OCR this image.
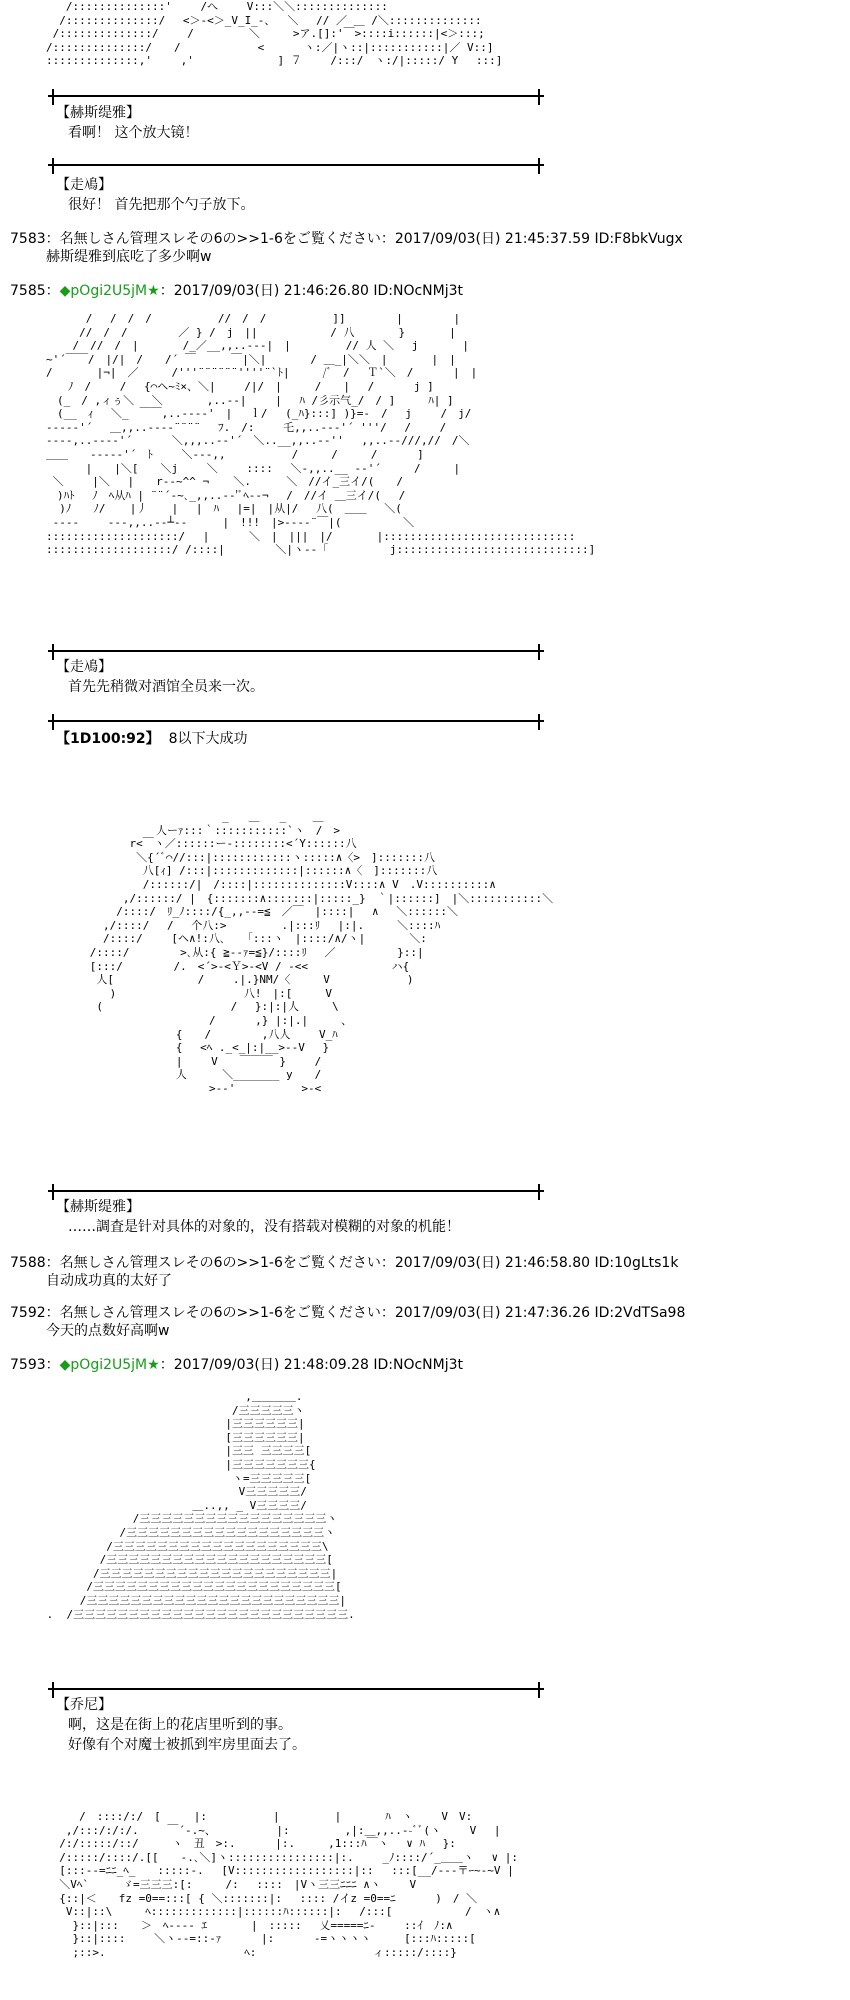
/::::::::::::::' 　　/へ　　 V:::＼＼::::::::::::::
/::::::::::::::/　 <＞-<＞_V_I_-、　 ＼　 // ／ ＿ /＼::::::::::::::
/::::::::::::::/　　 /　　　　　＼　　　>ア.[]:'￣>::::i::::::|<＞:::;
/::::::::::::::/　　/　　　　　　　<　　　 ヽ:／|ヽ::|:::::::::::|／ V::]
::::::::::::::,'　　 ,'　　　　　　　 ] ７ 　　/:::/　ヽ:/|:::::/ Y 　:::]
【赫斯缇雅】
看啊！ 这个放大镜！
【走鳰】
很好！ 首先把那个勺子放下。
7583：名無しさん管理スレその6の>>1-6をご覧ください：2017/09/03(日) 21:45:37.59 ID:F8bkVugx
赫斯缇雅到底吃了多少啊w
7585：◆pOgi2U5jM★：2017/09/03(日) 21:46:26.80 ID:NOcNMj3t
/　 /　/　/　　　　　　//　/　/　　　　　　]]　　　　 |　　　　 |
//　/　/　　　　 ／ } /　j　||　　　　　　 / 八　　　　}　　　　|
/　//　/　|　　　　/_／__,,..--‐|　|　　　　　// 人 ＼　 j　　　　|
~'´￣￣/　|/|　/　　/´ ￣　 　 ￣|＼|　　　　/ ＿_|＼＼　|　　　　|　|
/　　　　|¬|　／　　　/'''¨¨¨¨¨¨''''¨`ﾄ|　　　/ﾞ　/　 Ｔ`＼　/ 　　　|　|
　　ﾉ　/　　 /　 {⌒ヘ~ﾐ×、＼|　　 /|/　|　　　/　　|　 /　　　 j ]
　(_　/ ,ィぅ＼　 ＼　　　　,..--|　　 |　 ﾊ /彡示气_/　/ ]　　　ﾊ| ]
　(__　ｨ　 ＼_　￣￣,..--‐‐'　|　 ｌ/　 (_ﾊ}:::] )}=-　/　 j 　　/　j/
-‐‐‐‐'´　 ＿,,..--‐‐¨¨¨¨　 ﾌ.　/:　　 乇,,..--‐'´ '''/　 /　　 /
‐‐‐‐,..--‐‐'´　　　 ＼,,,..‐‐'´　＼..__,,..--''　 ,,..--///,//　/＼
＿＿　　‐‐‐‐‐'´　ﾄ　　 ＼‐‐-,,　　　　　　/　　　/　　　/　　　 ]
　　　 |　　|＼[　　＼j　　 ＼　　 ::::　 ＼-,,..__ -‐'´　　　/　　　|
＼　　 |＼　 |　　r‐‐~^^ ¬ 　 ＼.　 　 ＼　//イ_三イ/(　　/
　)ﾊﾄ　 ﾉ　ﾍ从ﾊ | ¨¨´‐~､_,,..--'ﾞﾍ--¬　 /　//イ ＿三イ/(　 /
)ﾉ　　ﾉ/ 　 |丿 　 |　 |　ﾊ 　|=|　|从|/　 八(　＿＿　 ＼(
‐‐‐‐　　 ‐‐‐,,..--┴--　 　 |　!!!　|>‐‐‐‐¨￣|(　　　　　 ＼
::::::::::::::::::::/　 |　　　 ＼　|　|||　|/　　　　|:::::::::::::::::::::::::::::
:::::::::::::::::::/ /::::|　　　　 ＼|ヽ--「　　　　　 j:::::::::::::::::::::::::::::]
【走鳰】
首先先稍微对酒馆全员来一次。
【1D100:92】 8以下大成功
_   ＿   _    ＿
人ーｧ:::｀:::::::::::`ヽ　/　>
r<￣ヽ／::::::ー-::::::::<´Y::::::八
＼{´ﾞ⌒//:::|::::::::::::ヽ:::::∧〈>　]:::::::八
八[ｨ] /:::|:::::::::::::|::::::∧〈　]:::::::八
/::::::/|　/::::|::::::::::::::V::::∧ V　.V::::::::::∧
,/::::::/ |　{:::::::∧:::::::|:::::_}　｀|::::::]　|＼:::::::::::＼
/::::/　ﾘ_ﾉ::::/{_,,--=≦　／￣　|::::|　 ∧　 ＼::::::＼
,/::::/　 /　 个八:>　　　　　.|:::ﾘ　 |:|.　　　＼::::ﾊ
/::::/　　 [ヘ∧!:八､　　「:::ヽ　|::::/∧/ヽ|　　　　＼:
/::::/　　 　　>､从:{ ≧--ｧ=≦}/::::ﾘ　 ／ 　　　　　}::|
[:::/　　　　 /.　<´>-<Ｙ>-<V / -<<　　　　　　　 ハ{
人[　　　　　　　 /　　 .|.}NM/〈　　　V　　　　　　　)
)　　　　　　　　　　　 八!　|:[　　　V
(　　　　　　　　　　 　/　 }:|:|人　　　\
/　　　 ,} |:|.|　　　、
{　　/　　　　 ,八人　　 V_ﾊ
{　 <ﾍ ._<_|:|__>--V　 }
|　　 V　　￣￣￣ } 　　/
人　 　 ＼_______ y　　/
>--'　　　　　　>-<
【赫斯缇雅】
……調査是针对具体的对象的，没有搭载对模糊的对象的机能！
7588：名無しさん管理スレその6の>>1-6をご覧ください：2017/09/03(日) 21:46:58.80 ID:10gLts1k
自动成功真的太好了
7592：名無しさん管理スレその6の>>1-6をご覧ください：2017/09/03(日) 21:47:36.26 ID:2VdTSa98
今天的点数好高啊w
7593：◆pOgi2U5jM★：2017/09/03(日) 21:48:09.28 ID:NOcNMj3t
,＿＿＿＿.
/三三三三三ヽ
|三三三三三三|
[三三三三三三|
|三三 三三三三[
|三三三三三三三{
ヽ=三三三三三[
V三三三三三/
＿..,, _ V三三三三/
/三三三三三三三三三三三三三三三三三ヽ
/三三三三三三三三三三三三三三三三三三ヽ
/三三三三三三三三三三三三三三三三三三三\
/三三三三三三三三三三三三三三三三三三三三[
/三三三三三三三三三三三三三三三三三三三三三|
/三三三三三三三三三三三三三三三三三三三三三三[
/三三三三三三三三三三三三三三三三三三三三三三三|
.  /三三三三三三三三三三三三三三三三三三三三三三三三三.
【乔尼】
啊，这是在街上的花店里听到的事。
好像有个对魔士被抓到牢房里面去了。
/　::::/:/　[　　　|:　　　　　　|　　　　　|　　　　ﾊ　ヽ　　 V　V:
,/:::/:/:/.　　 ￣´-.~、　　　　　　|:　　　　　,|:＿,,..--ﾞﾞ(ヽ　　 V　 |
/:/:::::/::/　　　ヽ　丑　>:.　　　 |:.　　　,1:::ﾊ￣ヽ　 ∨ ﾊ　 }:
/:::::/::::/.[[　　-.､＼]ヽ::::::::::::::::|:.　　 _ﾉ::::/´_＿＿ヽ　 ∨ |:
[:::--=ﾆﾆ_ﾍ_　　:::::-.　 [V::::::::::::::::::|::　 :::[__/--‐〒ｰ~-~V |
＼Vﾍ`　　　ゞ=三三三:[:　　　/:　 ::::　|Vヽ三三ﾆﾆﾆ ∧ヽ　　 V
{::|＜　　fz =0==:::[ { ＼:::::::|:　 :::: /イz =0==ﾆ　　　 )　/ ＼
V::|::\　　　ﾍ:::::::::::::|::::::ﾊ::::::|:　 /:::[　　　　　　 /　ヽ∧
}::|:::　　＞　ﾍ---- ｴ　　　　|　:::::　 乂=====ﾆ-　　 ::ｲ　ﾉ:∧
}::|::::　　 ＼ヽ--=::-ｧ　　　 |:　　　 -=ヽヽヽヽ　　　[:::ﾊ:::::[
;::>.　　　　　　　　　　　　 ﾍ:　　　　　　　　　　 ィ:::::/::::}
